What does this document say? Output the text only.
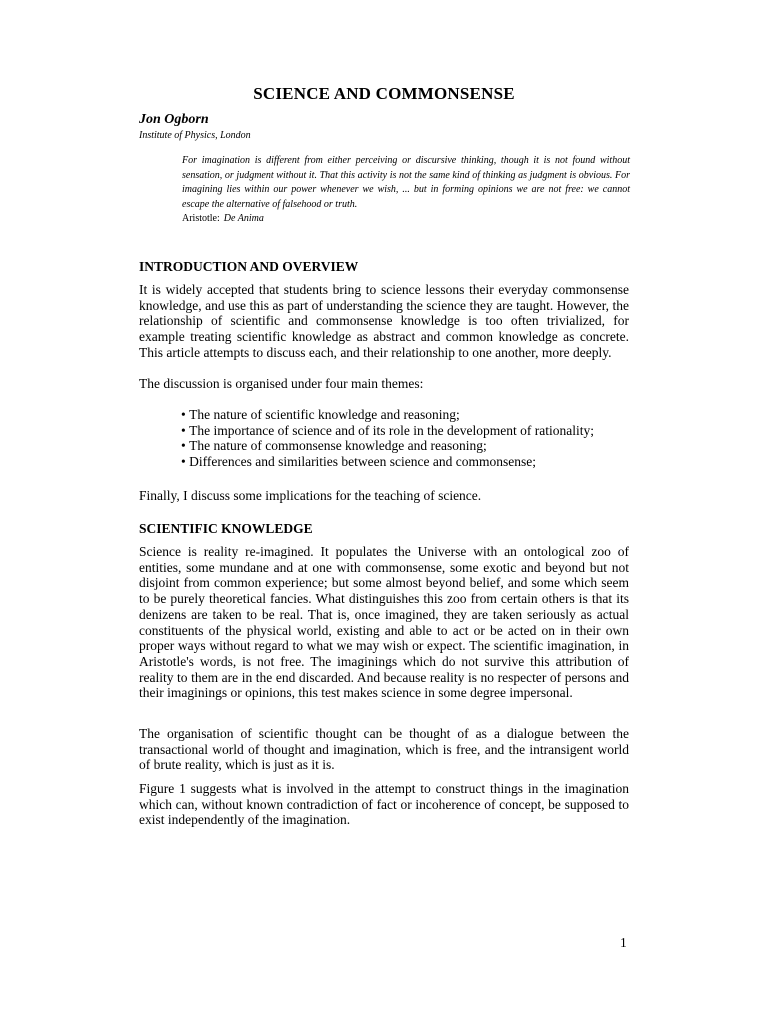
SCIENCE AND COMMONSENSE
Jon Ogborn
Institute of Physics, London
For imagination is different from either perceiving or discursive thinking, though it is not found without sensation, or judgment without it. That this activity is not the same kind of thinking as judgment is obvious. For imagining lies within our power whenever we wish, ... but in forming opinions we are not free: we cannot escape the alternative of falsehood or truth.
Aristotle: De Anima
INTRODUCTION AND OVERVIEW
It is widely accepted that students bring to science lessons their everyday commonsense knowledge, and use this as part of understanding the science they are taught. However, the relationship of scientific and commonsense knowledge is too often trivialized, for example treating scientific knowledge as abstract and common knowledge as concrete. This article attempts to discuss each, and their relationship to one another, more deeply.
The discussion is organised under four main themes:
• The nature of scientific knowledge and reasoning;
• The importance of science and of its role in the development of rationality;
• The nature of commonsense knowledge and reasoning;
• Differences and similarities between science and commonsense;
Finally, I discuss some implications for the teaching of science.
SCIENTIFIC KNOWLEDGE
Science is reality re-imagined. It populates the Universe with an ontological zoo of entities, some mundane and at one with commonsense, some exotic and beyond but not disjoint from common experience; but some almost beyond belief, and some which seem to be purely theoretical fancies. What distinguishes this zoo from certain others is that its denizens are taken to be real. That is, once imagined, they are taken seriously as actual constituents of the physical world, existing and able to act or be acted on in their own proper ways without regard to what we may wish or expect. The scientific imagination, in Aristotle's words, is not free. The imaginings which do not survive this attribution of reality to them are in the end discarded. And because reality is no respecter of persons and their imaginings or opinions, this test makes science in some degree impersonal.
The organisation of scientific thought can be thought of as a dialogue between the transactional world of thought and imagination, which is free, and the intransigent world of brute reality, which is just as it is.
Figure 1 suggests what is involved in the attempt to construct things in the imagination which can, without known contradiction of fact or incoherence of concept, be supposed to exist independently of the imagination.
1
